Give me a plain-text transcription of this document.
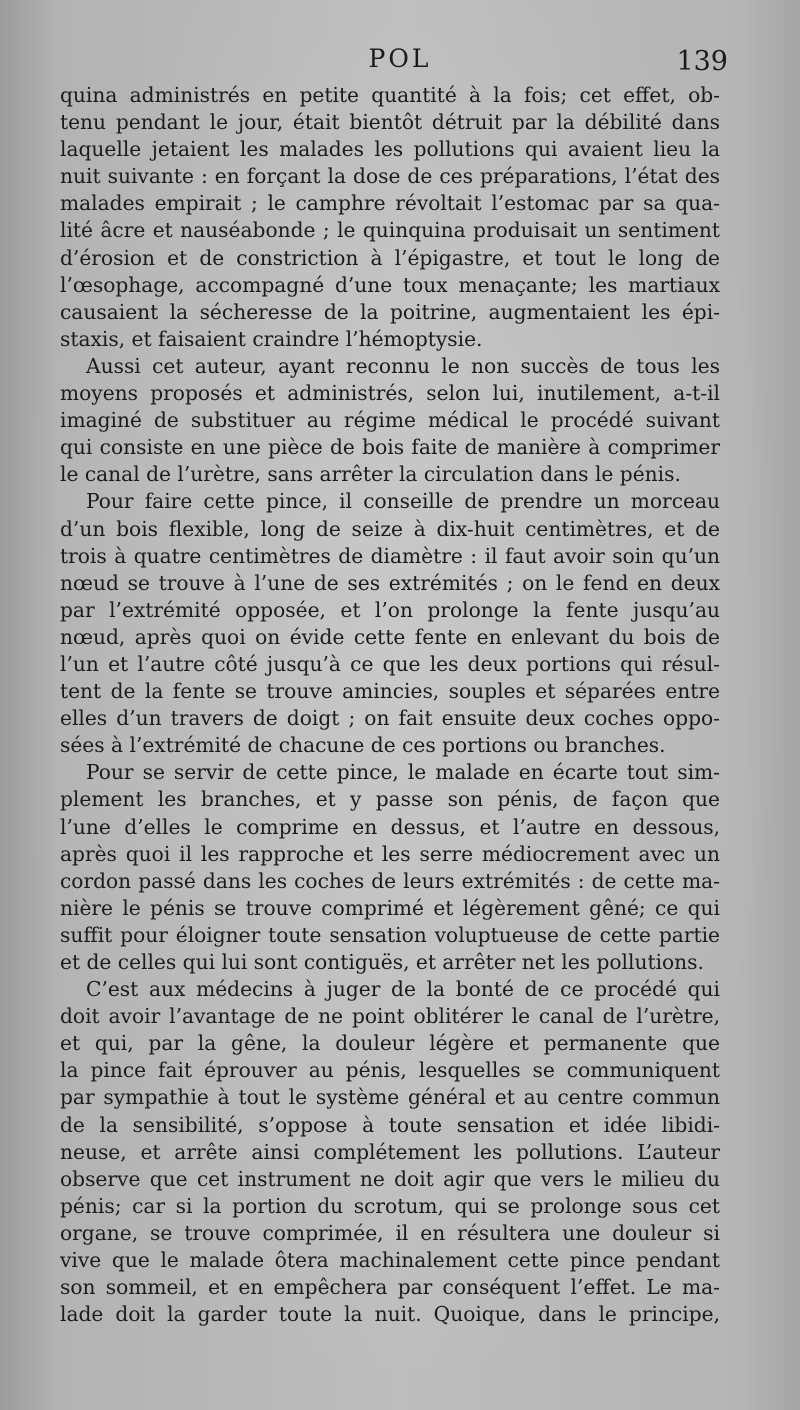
POL	139
quina administrés en petite quantité à la fois; cet effet, ob-
tenu pendant le jour, était bientôt détruit par la débilité dans
laquelle jetaient les malades les pollutions qui avaient lieu la
nuit suivante : en forçant la dose de ces préparations, l’état des
malades empirait ; le camphre révoltait l’estomac par sa qua-
lité âcre et nauséabonde ; le quinquina produisait un sentiment
d’érosion et de constriction à l’épigastre, et tout le long de
l’œsophage, accompagné d’une toux menaçante; les martiaux
causaient la sécheresse de la poitrine, augmentaient les épi-
staxis, et faisaient craindre l’hémoptysie.
Aussi cet auteur, ayant reconnu le non succès de tous les
moyens proposés et administrés, selon lui, inutilement, a-t-il
imaginé de substituer au régime médical le procédé suivant
qui consiste en une pièce de bois faite de manière à comprimer
le canal de l’urètre, sans arrêter la circulation dans le pénis.
Pour faire cette pince, il conseille de prendre un morceau
d’un bois flexible, long de seize à dix-huit centimètres, et de
trois à quatre centimètres de diamètre : il faut avoir soin qu’un
nœud se trouve à l’une de ses extrémités ; on le fend en deux
par l’extrémité opposée, et l’on prolonge la fente jusqu’au
nœud, après quoi on évide cette fente en enlevant du bois de
l’un et l’autre côté jusqu’à ce que les deux portions qui résul-
tent de la fente se trouve amincies, souples et séparées entre
elles d’un travers de doigt ; on fait ensuite deux coches oppo-
sées à l’extrémité de chacune de ces portions ou branches.
Pour se servir de cette pince, le malade en écarte tout sim-
plement les branches, et y passe son pénis, de façon que
l’une d’elles le comprime en dessus, et l’autre en dessous,
après quoi il les rapproche et les serre médiocrement avec un
cordon passé dans les coches de leurs extrémités : de cette ma-
nière le pénis se trouve comprimé et légèrement gêné; ce qui
suffit pour éloigner toute sensation voluptueuse de cette partie
et de celles qui lui sont contiguës, et arrêter net les pollutions.
C’est aux médecins à juger de la bonté de ce procédé qui
doit avoir l’avantage de ne point oblitérer le canal de l’urètre,
et qui, par la gêne, la douleur légère et permanente que
la pince fait éprouver au pénis, lesquelles se communiquent
par sympathie à tout le système général et au centre commun
de la sensibilité, s’oppose à toute sensation et idée libidi-
neuse, et arrête ainsi complétement les pollutions. L’auteur
observe que cet instrument ne doit agir que vers le milieu du
pénis; car si la portion du scrotum, qui se prolonge sous cet
organe, se trouve comprimée, il en résultera une douleur si
vive que le malade ôtera machinalement cette pince pendant
son sommeil, et en empêchera par conséquent l’effet. Le ma-
lade doit la garder toute la nuit. Quoique, dans le principe,
